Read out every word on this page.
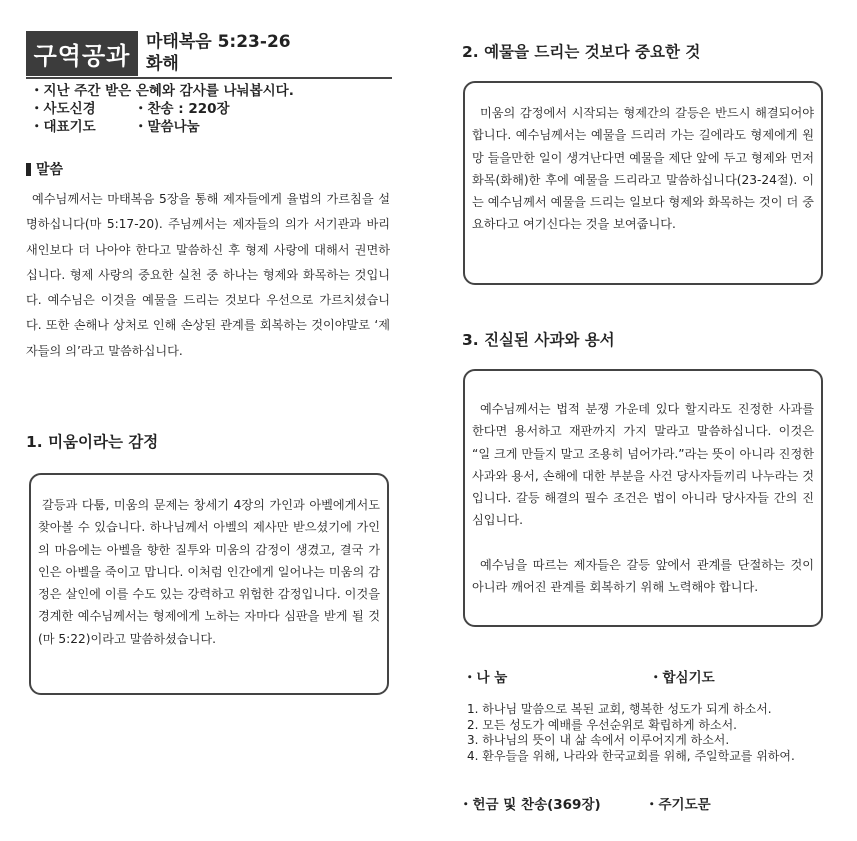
구역공과 마태복음 5:23-26
화해
・지난 주간 받은 은혜와 감사를 나눠봅시다.
・사도신경	・찬송 : 220장
・대표기도	・말씀나눔
말씀
예수님께서는 마태복음 5장을 통해 제자들에게 율법의 가르침을 설명하십니다(마 5:17-20). 주님께서는 제자들의 의가 서기관과 바리새인보다 더 나아야 한다고 말씀하신 후 형제 사랑에 대해서 권면하십니다. 형제 사랑의 중요한 실천 중 하나는 형제와 화목하는 것입니다. 예수님은 이것을 예물을 드리는 것보다 우선으로 가르치셨습니다. 또한 손해나 상처로 인해 손상된 관계를 회복하는 것이야말로 ‘제자들의 의’라고 말씀하십니다.
1. 미움이라는 감정

갈등과 다툼, 미움의 문제는 창세기 4장의 가인과 아벨에게서도 찾아볼 수 있습니다. 하나님께서 아벨의 제사만 받으셨기에 가인의 마음에는 아벨을 향한 질투와 미움의 감정이 생겼고, 결국 가인은 아벨을 죽이고 맙니다. 이처럼 인간에게 일어나는 미움의 감정은 살인에 이를 수도 있는 강력하고 위험한 감정입니다. 이것을 경계한 예수님께서는 형제에게 노하는 자마다 심판을 받게 될 것(마 5:22)이라고 말씀하셨습니다.

2. 예물을 드리는 것보다 중요한 것

미움의 감정에서 시작되는 형제간의 갈등은 반드시 해결되어야 합니다. 예수님께서는 예물을 드리러 가는 길에라도 형제에게 원망 들을만한 일이 생겨난다면 예물을 제단 앞에 두고 형제와 먼저 화목(화해)한 후에 예물을 드리라고 말씀하십니다(23-24절). 이는 예수님께서 예물을 드리는 일보다 형제와 화목하는 것이 더 중요하다고 여기신다는 것을 보여줍니다.

3. 진실된 사과와 용서

예수님께서는 법적 분쟁 가운데 있다 할지라도 진정한 사과를 한다면 용서하고 재판까지 가지 말라고 말씀하십니다. 이것은 “일 크게 만들지 말고 조용히 넘어가라.”라는 뜻이 아니라 진정한 사과와 용서, 손해에 대한 부분을 사건 당사자들끼리 나누라는 것입니다. 갈등 해결의 필수 조건은 법이 아니라 당사자들 간의 진심입니다.

예수님을 따르는 제자들은 갈등 앞에서 관계를 단절하는 것이 아니라 깨어진 관계를 회복하기 위해 노력해야 합니다.

・나 눔	・합심기도
1. 하나님 말씀으로 복된 교회, 행복한 성도가 되게 하소서.
2. 모든 성도가 예배를 우선순위로 확립하게 하소서.
3. 하나님의 뜻이 내 삶 속에서 이루어지게 하소서.
4. 환우들을 위해, 나라와 한국교회를 위해, 주일학교를 위하여.
・헌금 및 찬송(369장)	・주기도문
